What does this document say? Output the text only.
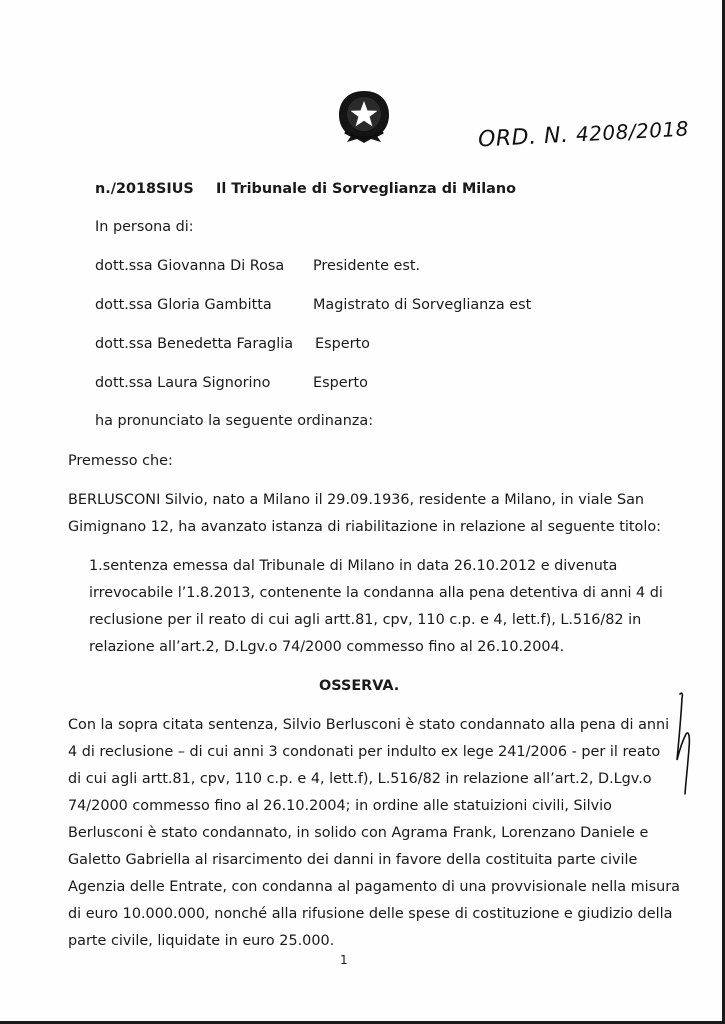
ORD. N. 4208/2018
n./2018SIUS Il Tribunale di Sorveglianza di Milano
In persona di:
dott.ssa Giovanna Di Rosa Presidente est.
dott.ssa Gloria Gambitta	Magistrato di Sorveglianza est
dott.ssa Benedetta Faraglia Esperto
dott.ssa Laura Signorino	Esperto
ha pronunciato la seguente ordinanza:
Premesso che:
BERLUSCONI Silvio, nato a Milano il 29.09.1936, residente a Milano, in viale San
Gimignano 12, ha avanzato istanza di riabilitazione in relazione al seguente titolo:
1.sentenza emessa dal Tribunale di Milano in data 26.10.2012 e divenuta
irrevocabile l’1.8.2013, contenente la condanna alla pena detentiva di anni 4 di
reclusione per il reato di cui agli artt.81, cpv, 110 c.p. e 4, lett.f), L.516/82 in
relazione all’art.2, D.Lgv.o 74/2000 commesso fino al 26.10.2004.
OSSERVA.
Con la sopra citata sentenza, Silvio Berlusconi è stato condannato alla pena di anni
4 di reclusione – di cui anni 3 condonati per indulto ex lege 241/2006 - per il reato
di cui agli artt.81, cpv, 110 c.p. e 4, lett.f), L.516/82 in relazione all’art.2, D.Lgv.o
74/2000 commesso fino al 26.10.2004; in ordine alle statuizioni civili, Silvio
Berlusconi è stato condannato, in solido con Agrama Frank, Lorenzano Daniele e
Galetto Gabriella al risarcimento dei danni in favore della costituita parte civile
Agenzia delle Entrate, con condanna al pagamento di una provvisionale nella misura
di euro 10.000.000, nonché alla rifusione delle spese di costituzione e giudizio della
parte civile, liquidate in euro 25.000.
1
